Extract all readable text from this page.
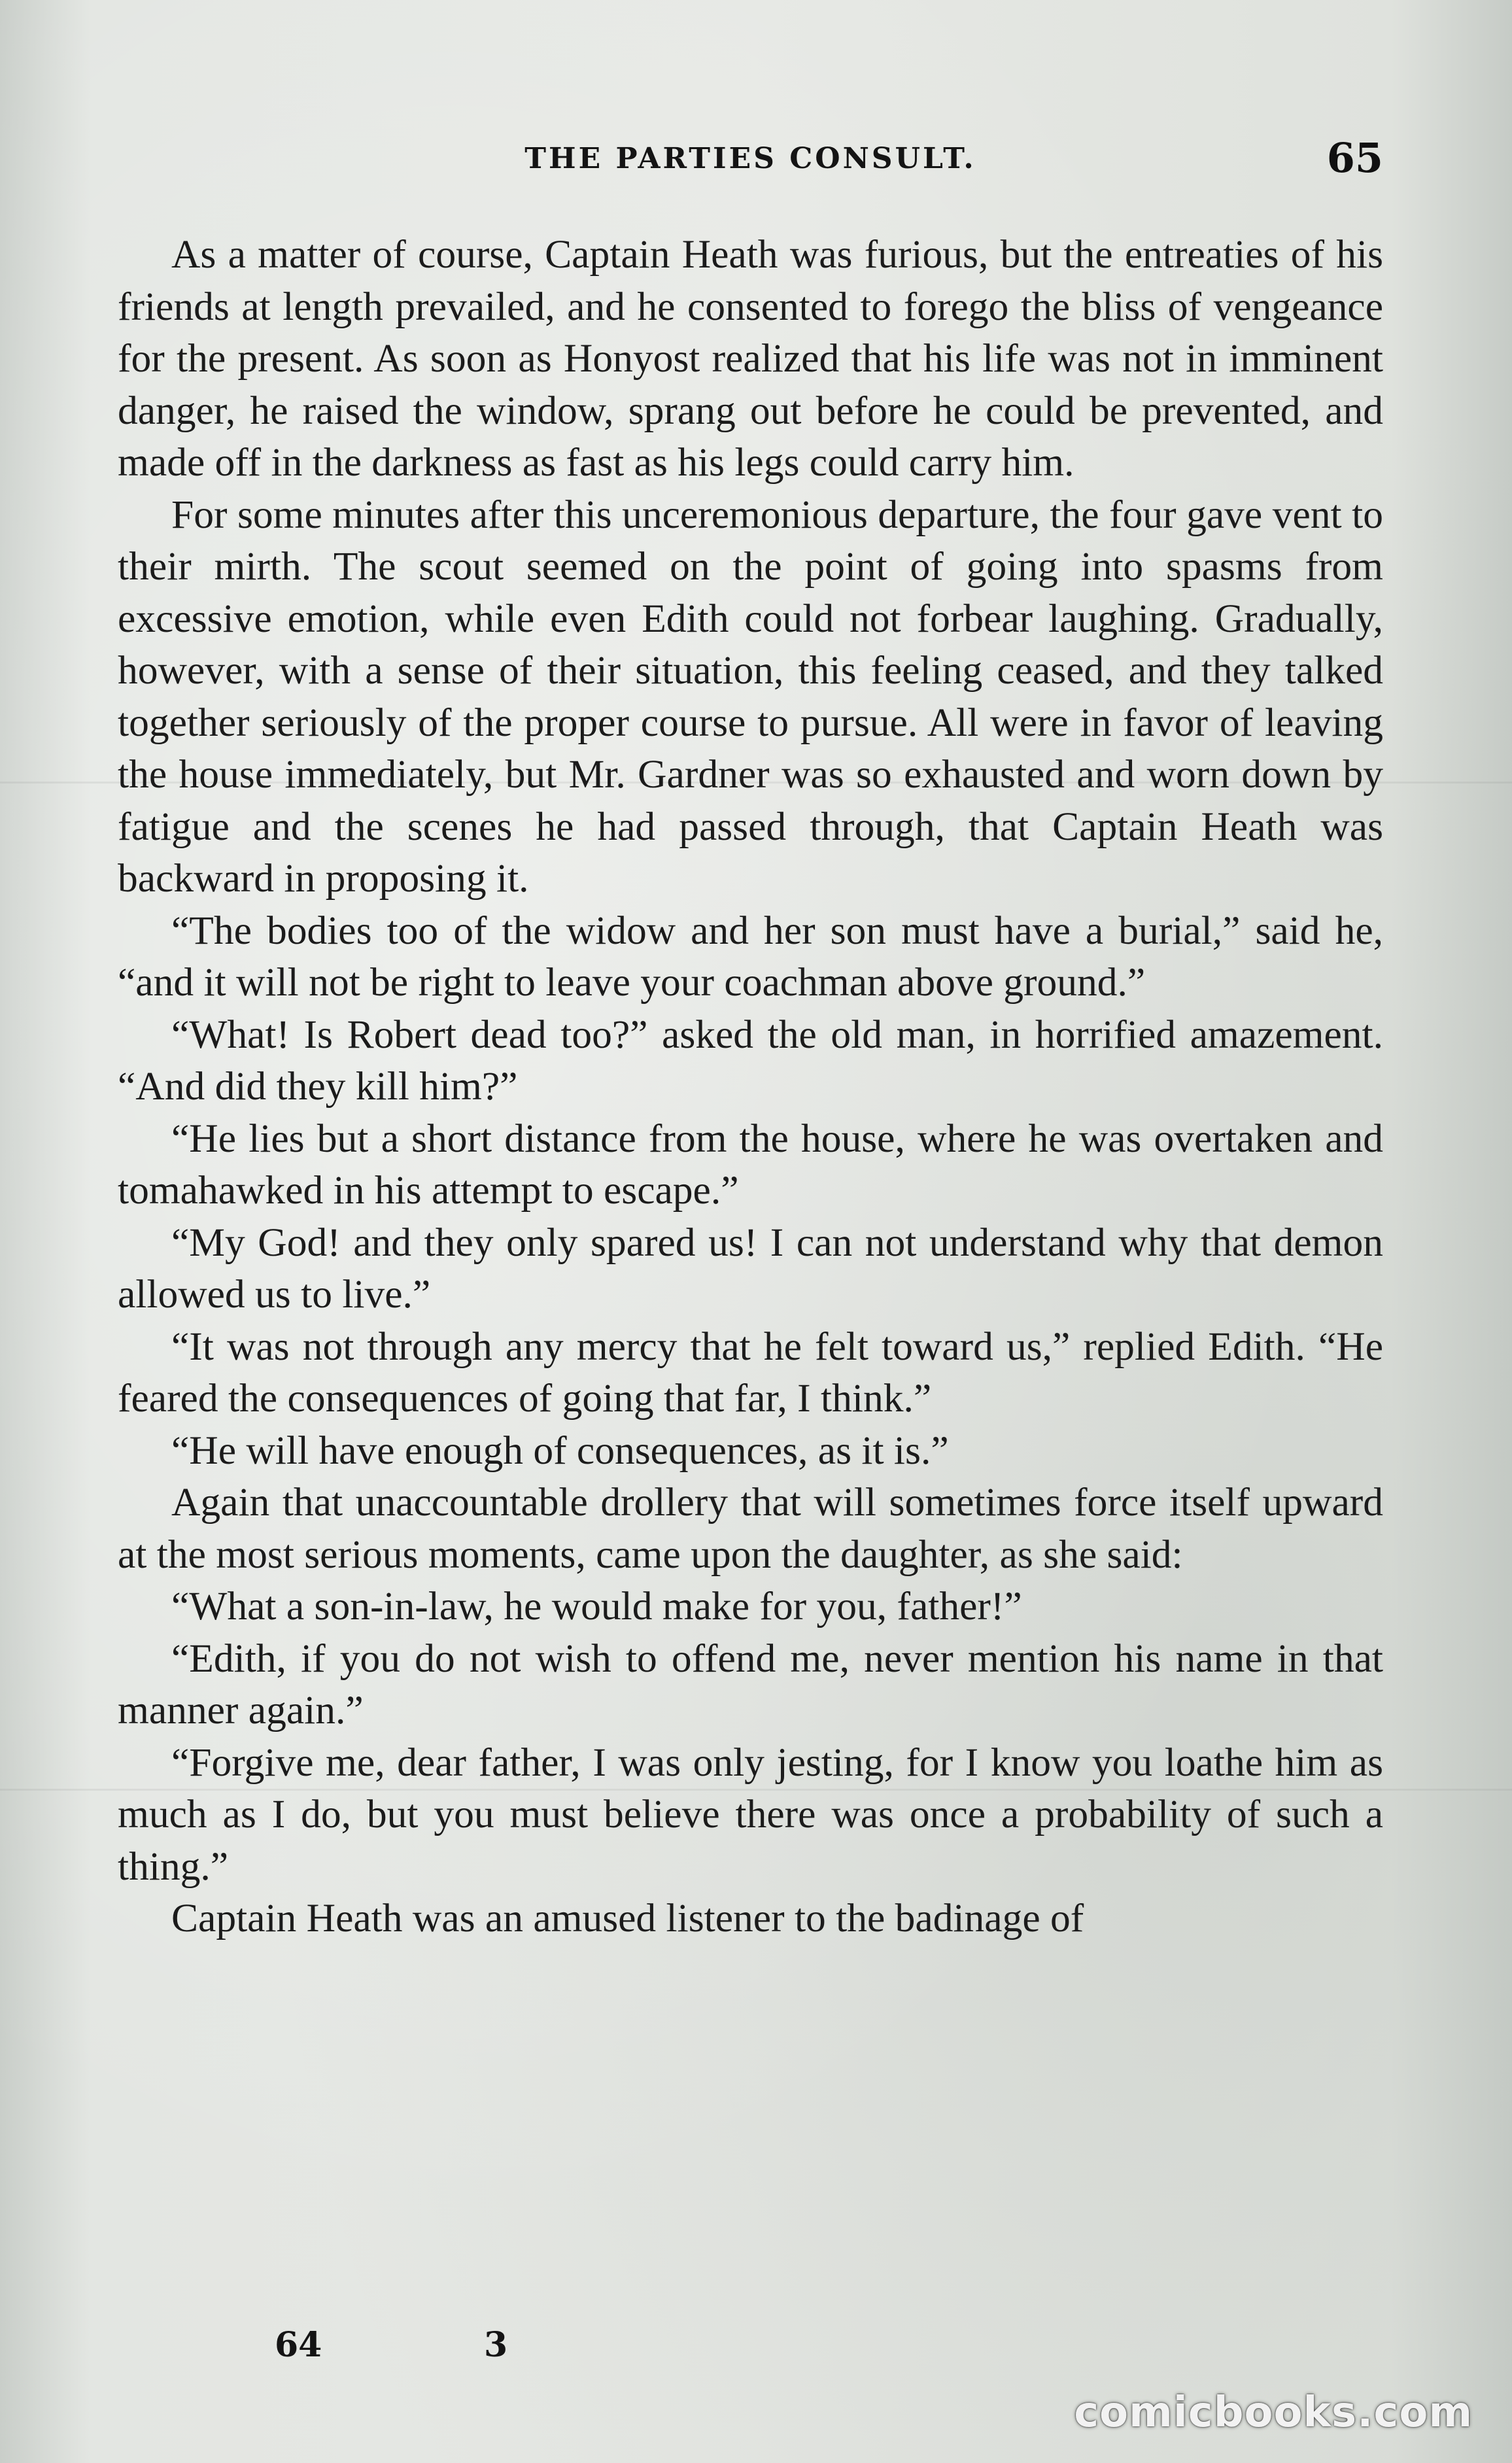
THE PARTIES CONSULT.	65

As a matter of course, Captain Heath was furious, but the entreaties of his friends at length prevailed, and he consented to forego the bliss of vengeance for the present. As soon as Honyost realized that his life was not in imminent danger, he raised the window, sprang out before he could be prevented, and made off in the darkness as fast as his legs could carry him.

For some minutes after this unceremonious departure, the four gave vent to their mirth. The scout seemed on the point of going into spasms from excessive emotion, while even Edith could not forbear laughing. Gradually, however, with a sense of their situation, this feeling ceased, and they talked together seriously of the proper course to pursue. All were in favor of leaving the house immediately, but Mr. Gardner was so exhausted and worn down by fatigue and the scenes he had passed through, that Captain Heath was backward in proposing it.

“The bodies too of the widow and her son must have a burial,” said he, “and it will not be right to leave your coachman above ground.”

“What! Is Robert dead too?” asked the old man, in horrified amazement. “And did they kill him?”

“He lies but a short distance from the house, where he was overtaken and tomahawked in his attempt to escape.”

“My God! and they only spared us! I can not understand why that demon allowed us to live.”

“It was not through any mercy that he felt toward us,” replied Edith. “He feared the consequences of going that far, I think.”

“He will have enough of consequences, as it is.”

Again that unaccountable drollery that will sometimes force itself upward at the most serious moments, came upon the daughter, as she said:

“What a son-in-law, he would make for you, father!”

“Edith, if you do not wish to offend me, never mention his name in that manner again.”

“Forgive me, dear father, I was only jesting, for I know you loathe him as much as I do, but you must believe there was once a probability of such a thing.”

Captain Heath was an amused listener to the badinage of

64	3
comicbooks.com
